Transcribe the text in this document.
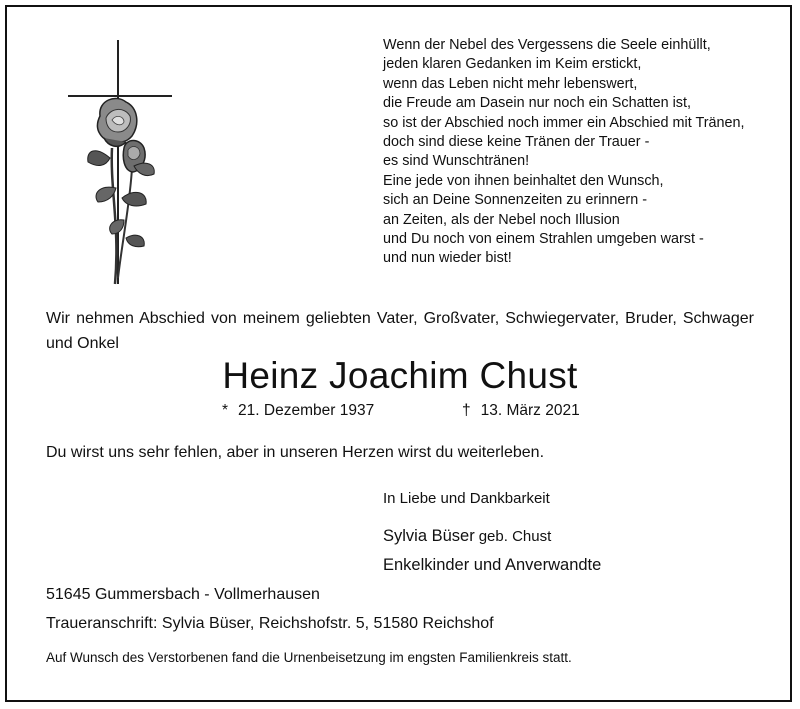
Wenn der Nebel des Vergessens die Seele einhüllt,
jeden klaren Gedanken im Keim erstickt,
wenn das Leben nicht mehr lebenswert,
die Freude am Dasein nur noch ein Schatten ist,
so ist der Abschied noch immer ein Abschied mit Tränen,
doch sind diese keine Tränen der Trauer -
es sind Wunschtränen!
Eine jede von ihnen beinhaltet den Wunsch,
sich an Deine Sonnenzeiten zu erinnern -
an Zeiten, als der Nebel noch Illusion
und Du noch von einem Strahlen umgeben warst -
und nun wieder bist!
Wir nehmen Abschied von meinem geliebten Vater, Großvater, Schwiegervater, Bruder, Schwager und Onkel
Heinz Joachim Chust
* 21. Dezember 1937	† 13. März 2021
Du wirst uns sehr fehlen, aber in unseren Herzen wirst du weiterleben.
In Liebe und Dankbarkeit
Sylvia Büser geb. Chust
Enkelkinder und Anverwandte
51645 Gummersbach - Vollmerhausen
Traueranschrift: Sylvia Büser, Reichshofstr. 5, 51580 Reichshof
Auf Wunsch des Verstorbenen fand die Urnenbeisetzung im engsten Familienkreis statt.
